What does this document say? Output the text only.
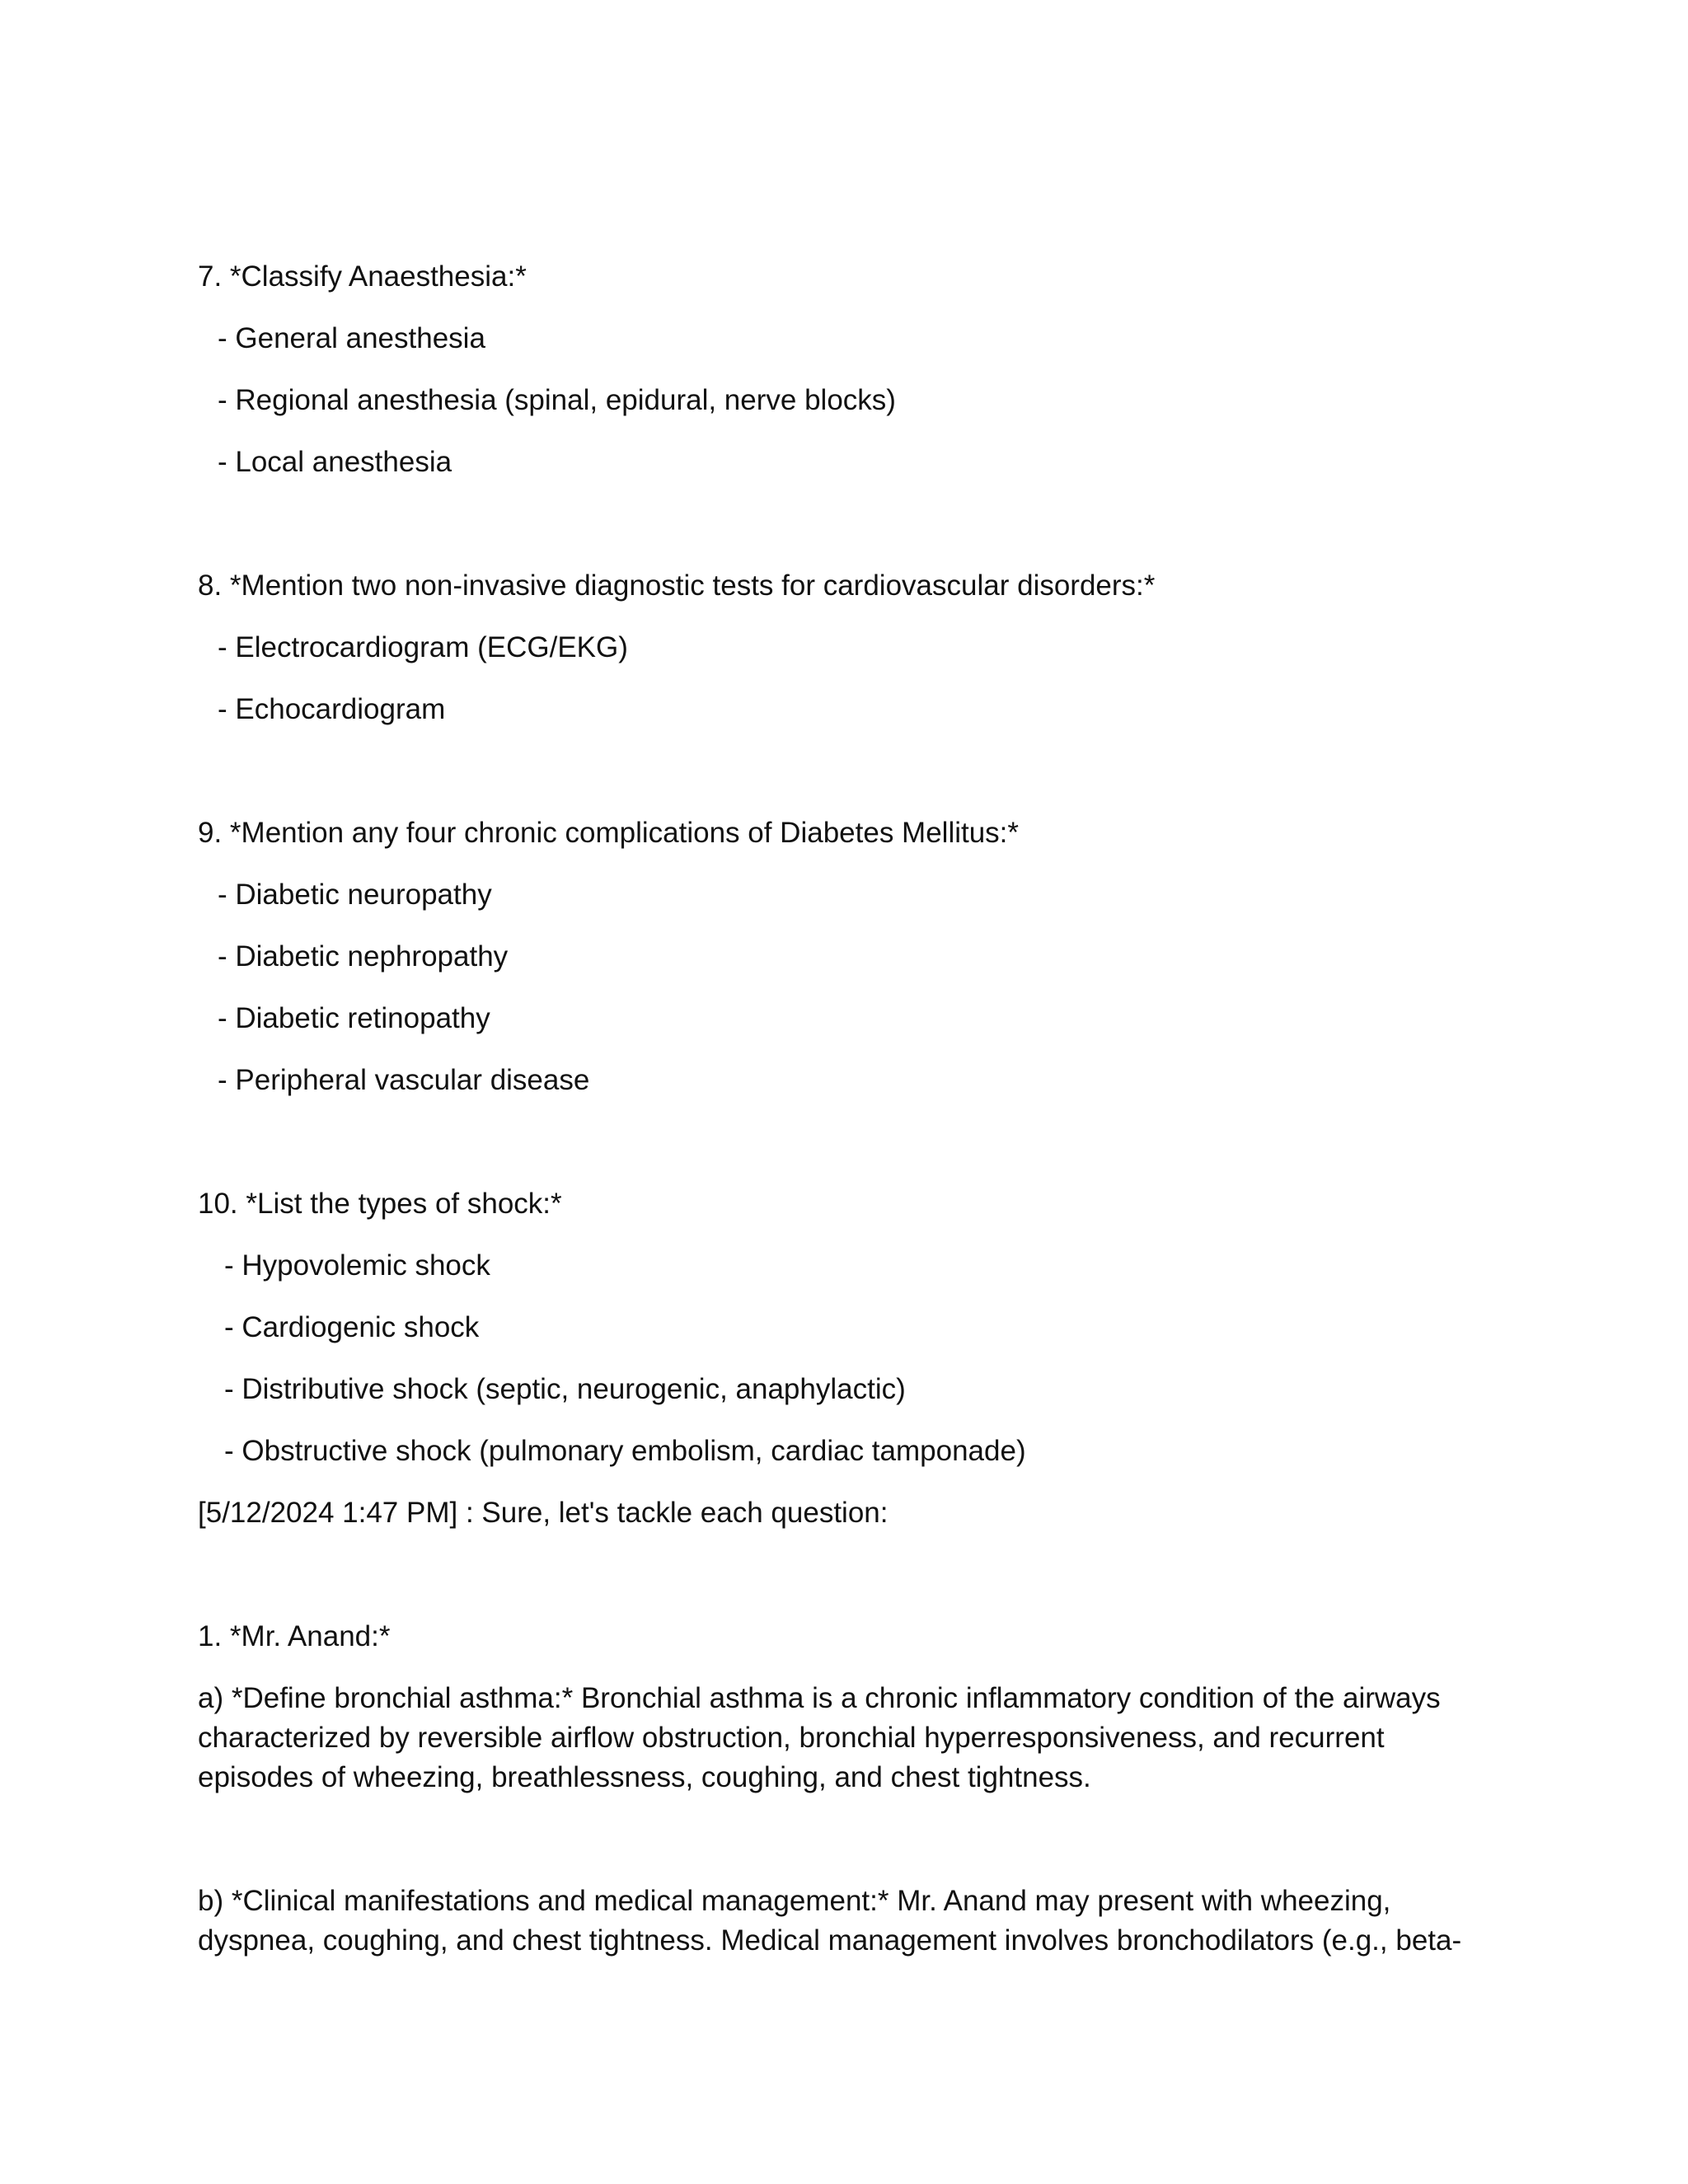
7. *Classify Anaesthesia:*

- General anesthesia

- Regional anesthesia (spinal, epidural, nerve blocks)

- Local anesthesia

8. *Mention two non-invasive diagnostic tests for cardiovascular disorders:*

- Electrocardiogram (ECG/EKG)

- Echocardiogram

9. *Mention any four chronic complications of Diabetes Mellitus:*

- Diabetic neuropathy

- Diabetic nephropathy

- Diabetic retinopathy

- Peripheral vascular disease

10. *List the types of shock:*

- Hypovolemic shock

- Cardiogenic shock

- Distributive shock (septic, neurogenic, anaphylactic)

- Obstructive shock (pulmonary embolism, cardiac tamponade)

[5/12/2024 1:47 PM] : Sure, let's tackle each question:

1. *Mr. Anand:*

a) *Define bronchial asthma:* Bronchial asthma is a chronic inflammatory condition of the airways characterized by reversible airflow obstruction, bronchial hyperresponsiveness, and recurrent episodes of wheezing, breathlessness, coughing, and chest tightness.

b) *Clinical manifestations and medical management:* Mr. Anand may present with wheezing, dyspnea, coughing, and chest tightness. Medical management involves bronchodilators (e.g., beta-
